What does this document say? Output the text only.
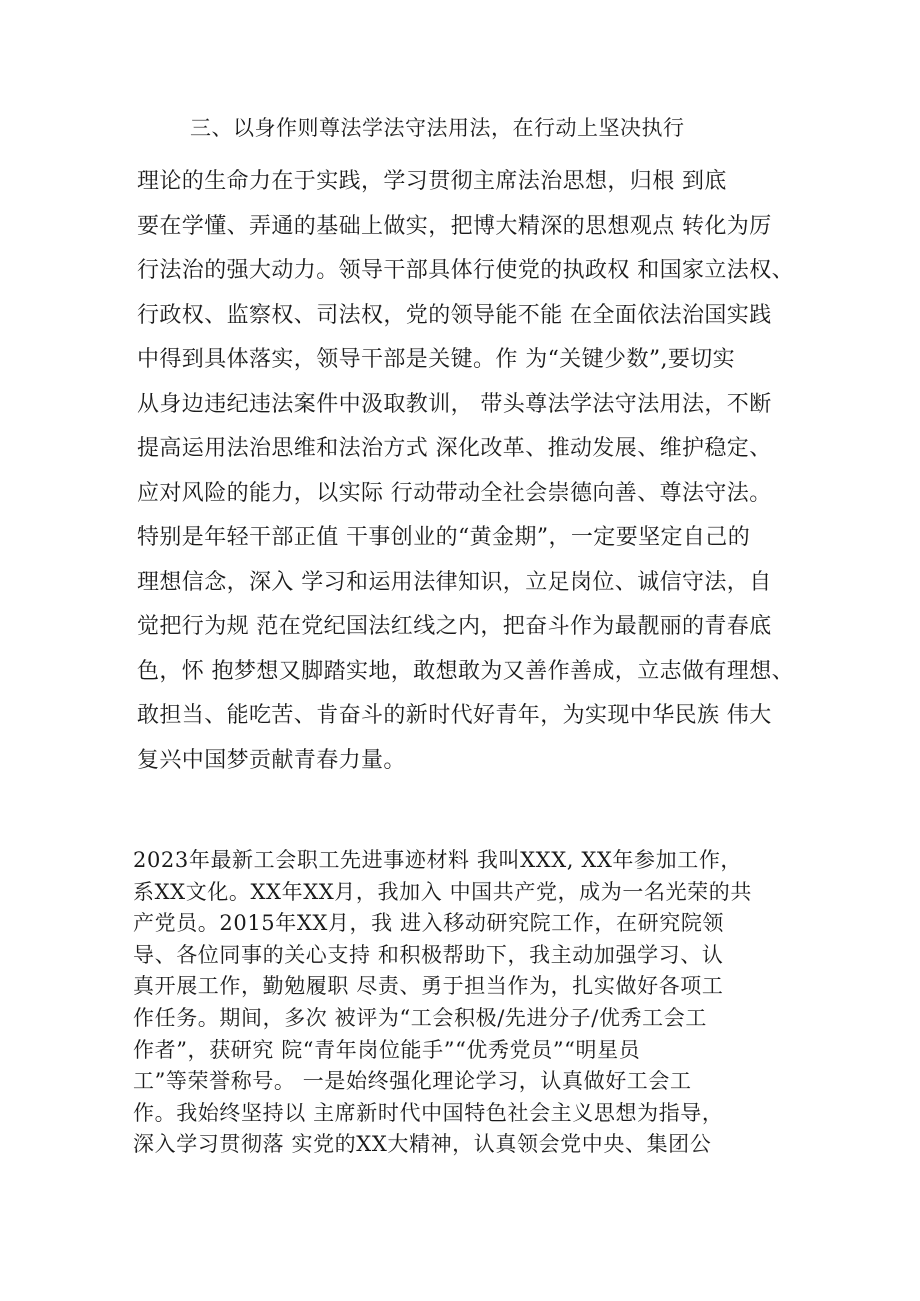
三、以身作则尊法学法守法用法，在行动上坚决执行
理论的生命力在于实践，学习贯彻主席法治思想，归根 到底
要在学懂、弄通的基础上做实，把博大精深的思想观点 转化为厉
行法治的强大动力。领导干部具体行使党的执政权 和国家立法权、
行政权、监察权、司法权，党的领导能不能 在全面依法治国实践
中得到具体落实，领导干部是关键。作 为“关键少数”,要切实
从身边违纪违法案件中汲取教训， 带头尊法学法守法用法，不断
提高运用法治思维和法治方式 深化改革、推动发展、维护稳定、
应对风险的能力，以实际 行动带动全社会崇德向善、尊法守法。
特别是年轻干部正值 干事创业的“黄金期”，一定要坚定自己的
理想信念，深入 学习和运用法律知识，立足岗位、诚信守法，自
觉把行为规 范在党纪国法红线之内，把奋斗作为最靓丽的青春底
色，怀 抱梦想又脚踏实地，敢想敢为又善作善成，立志做有理想、
敢担当、能吃苦、肯奋斗的新时代好青年，为实现中华民族 伟大
复兴中国梦贡献青春力量。
2023年最新工会职工先进事迹材料 我叫XXX, XX年参加工作，
系XX文化。XX年XX月，我加入 中国共产党，成为一名光荣的共
产党员。2015年XX月，我 进入移动研究院工作，在研究院领
导、各位同事的关心支持 和积极帮助下，我主动加强学习、认
真开展工作，勤勉履职 尽责、勇于担当作为，扎实做好各项工
作任务。期间，多次 被评为“工会积极/先进分子/优秀工会工
作者”，获研究 院“青年岗位能手”“优秀党员”“明星员
工”等荣誉称号。 一是始终强化理论学习，认真做好工会工
作。我始终坚持以 主席新时代中国特色社会主义思想为指导，
深入学习贯彻落 实党的XX大精神，认真领会党中央、集团公
